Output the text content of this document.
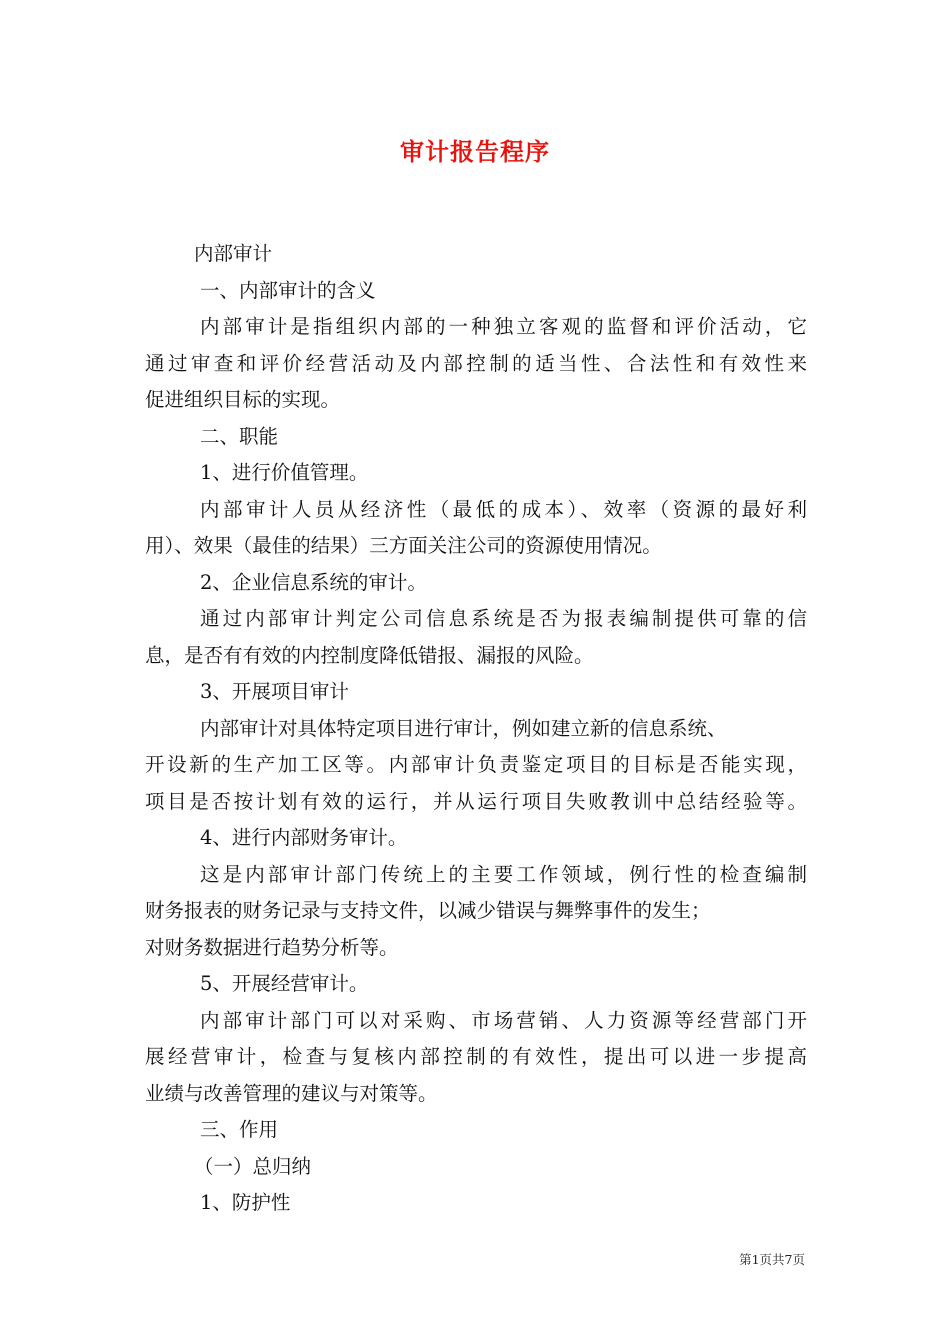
审计报告程序
内部审计
一、内部审计的含义
内部审计是指组织内部的一种独立客观的监督和评价活动，它
通过审查和评价经营活动及内部控制的适当性、合法性和有效性来
促进组织目标的实现。
二、职能
1、进行价值管理。
内部审计人员从经济性（最低的成本）、效率（资源的最好利
用）、效果（最佳的结果）三方面关注公司的资源使用情况。
2、企业信息系统的审计。
通过内部审计判定公司信息系统是否为报表编制提供可靠的信
息，是否有有效的内控制度降低错报、漏报的风险。
3、开展项目审计
内部审计对具体特定项目进行审计，例如建立新的信息系统、
开设新的生产加工区等。内部审计负责鉴定项目的目标是否能实现，
项目是否按计划有效的运行，并从运行项目失败教训中总结经验等。
4、进行内部财务审计。
这是内部审计部门传统上的主要工作领域，例行性的检查编制
财务报表的财务记录与支持文件，以减少错误与舞弊事件的发生；
对财务数据进行趋势分析等。
5、开展经营审计。
内部审计部门可以对采购、市场营销、人力资源等经营部门开
展经营审计，检查与复核内部控制的有效性，提出可以进一步提高
业绩与改善管理的建议与对策等。
三、作用
（一）总归纳
1、防护性
第1页共7页
